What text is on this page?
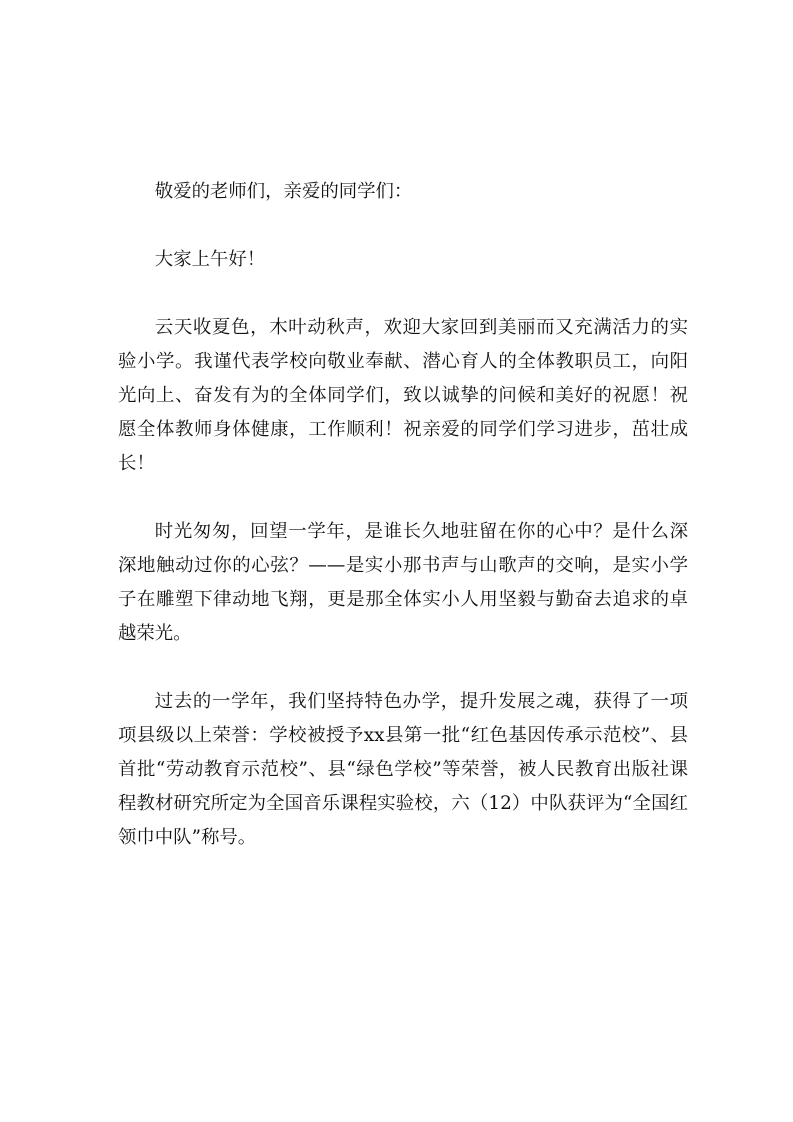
敬爱的老师们，亲爱的同学们：

大家上午好！

云天收夏色，木叶动秋声，欢迎大家回到美丽而又充满活力的实验小学。我谨代表学校向敬业奉献、潜心育人的全体教职员工，向阳光向上、奋发有为的全体同学们，致以诚挚的问候和美好的祝愿！祝愿全体教师身体健康，工作顺利！祝亲爱的同学们学习进步，茁壮成长！

时光匆匆，回望一学年，是谁长久地驻留在你的心中？是什么深深地触动过你的心弦？——是实小那书声与山歌声的交响，是实小学子在雕塑下律动地飞翔，更是那全体实小人用坚毅与勤奋去追求的卓越荣光。

过去的一学年，我们坚持特色办学，提升发展之魂，获得了一项项县级以上荣誉：学校被授予xx县第一批“红色基因传承示范校”、县首批“劳动教育示范校”、县“绿色学校”等荣誉，被人民教育出版社课程教材研究所定为全国音乐课程实验校，六（12）中队获评为“全国红领巾中队”称号。
